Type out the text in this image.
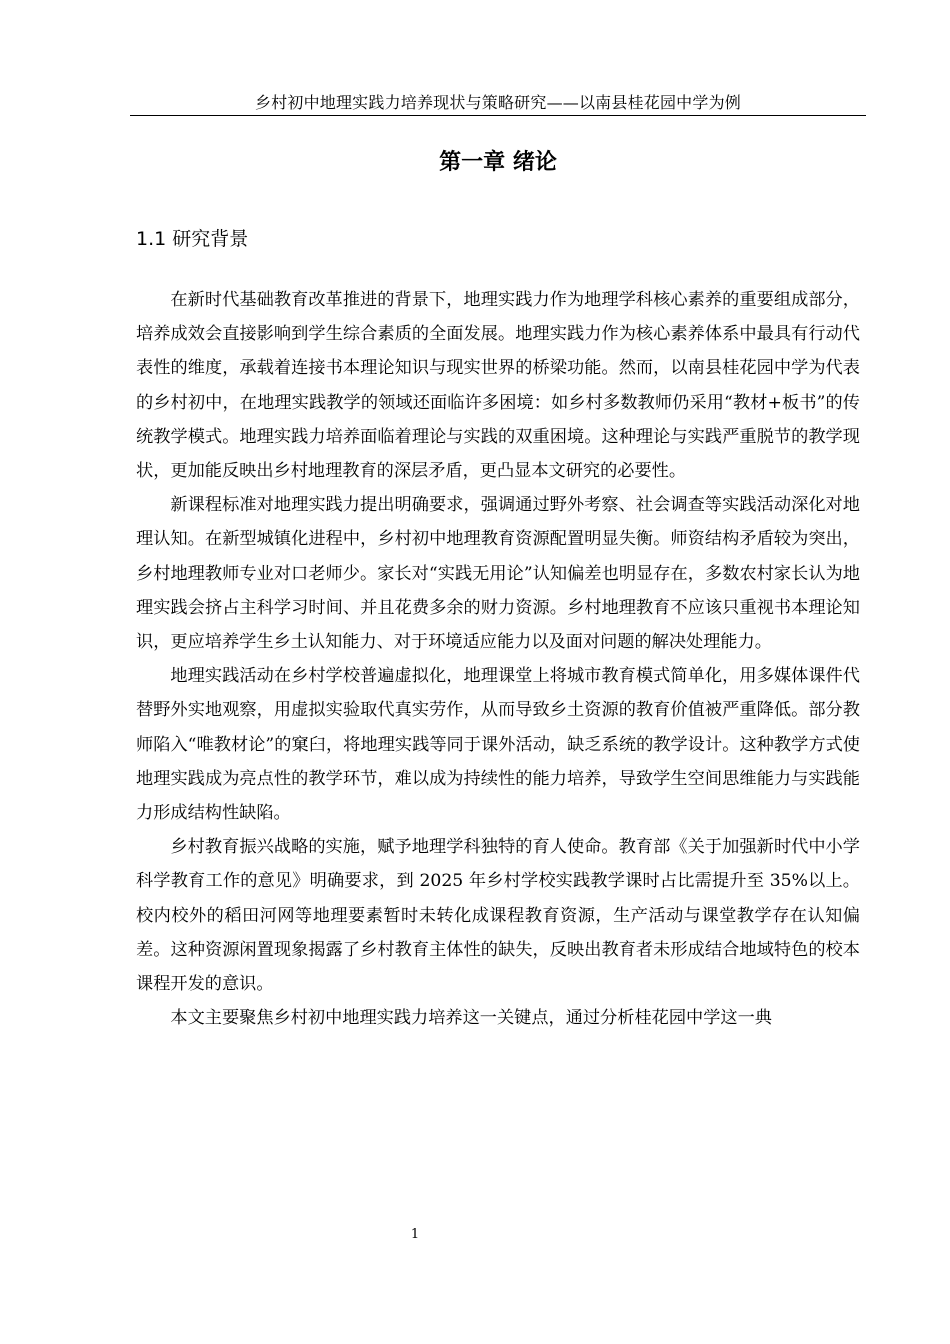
乡村初中地理实践力培养现状与策略研究——以南县桂花园中学为例
第一章 绪论
1.1 研究背景

在新时代基础教育改革推进的背景下，地理实践力作为地理学科核心素养的重要组成部分，培养成效会直接影响到学生综合素质的全面发展。地理实践力作为核心素养体系中最具有行动代表性的维度，承载着连接书本理论知识与现实世界的桥梁功能。然而，以南县桂花园中学为代表的乡村初中，在地理实践教学的领域还面临许多困境：如乡村多数教师仍采用“教材+板书”的传统教学模式。地理实践力培养面临着理论与实践的双重困境。这种理论与实践严重脱节的教学现状，更加能反映出乡村地理教育的深层矛盾，更凸显本文研究的必要性。

新课程标准对地理实践力提出明确要求，强调通过野外考察、社会调查等实践活动深化对地理认知。在新型城镇化进程中，乡村初中地理教育资源配置明显失衡。师资结构矛盾较为突出，乡村地理教师专业对口老师少。家长对“实践无用论”认知偏差也明显存在，多数农村家长认为地理实践会挤占主科学习时间、并且花费多余的财力资源。乡村地理教育不应该只重视书本理论知识，更应培养学生乡土认知能力、对于环境适应能力以及面对问题的解决处理能力。

地理实践活动在乡村学校普遍虚拟化，地理课堂上将城市教育模式简单化，用多媒体课件代替野外实地观察，用虚拟实验取代真实劳作，从而导致乡土资源的教育价值被严重降低。部分教师陷入“唯教材论”的窠臼，将地理实践等同于课外活动，缺乏系统的教学设计。这种教学方式使地理实践成为亮点性的教学环节，难以成为持续性的能力培养，导致学生空间思维能力与实践能力形成结构性缺陷。

乡村教育振兴战略的实施，赋予地理学科独特的育人使命。教育部《关于加强新时代中小学科学教育工作的意见》明确要求，到 2025 年乡村学校实践教学课时占比需提升至 35%以上。校内校外的稻田河网等地理要素暂时未转化成课程教育资源，生产活动与课堂教学存在认知偏差。这种资源闲置现象揭露了乡村教育主体性的缺失，反映出教育者未形成结合地域特色的校本课程开发的意识。

本文主要聚焦乡村初中地理实践力培养这一关键点，通过分析桂花园中学这一典

1
